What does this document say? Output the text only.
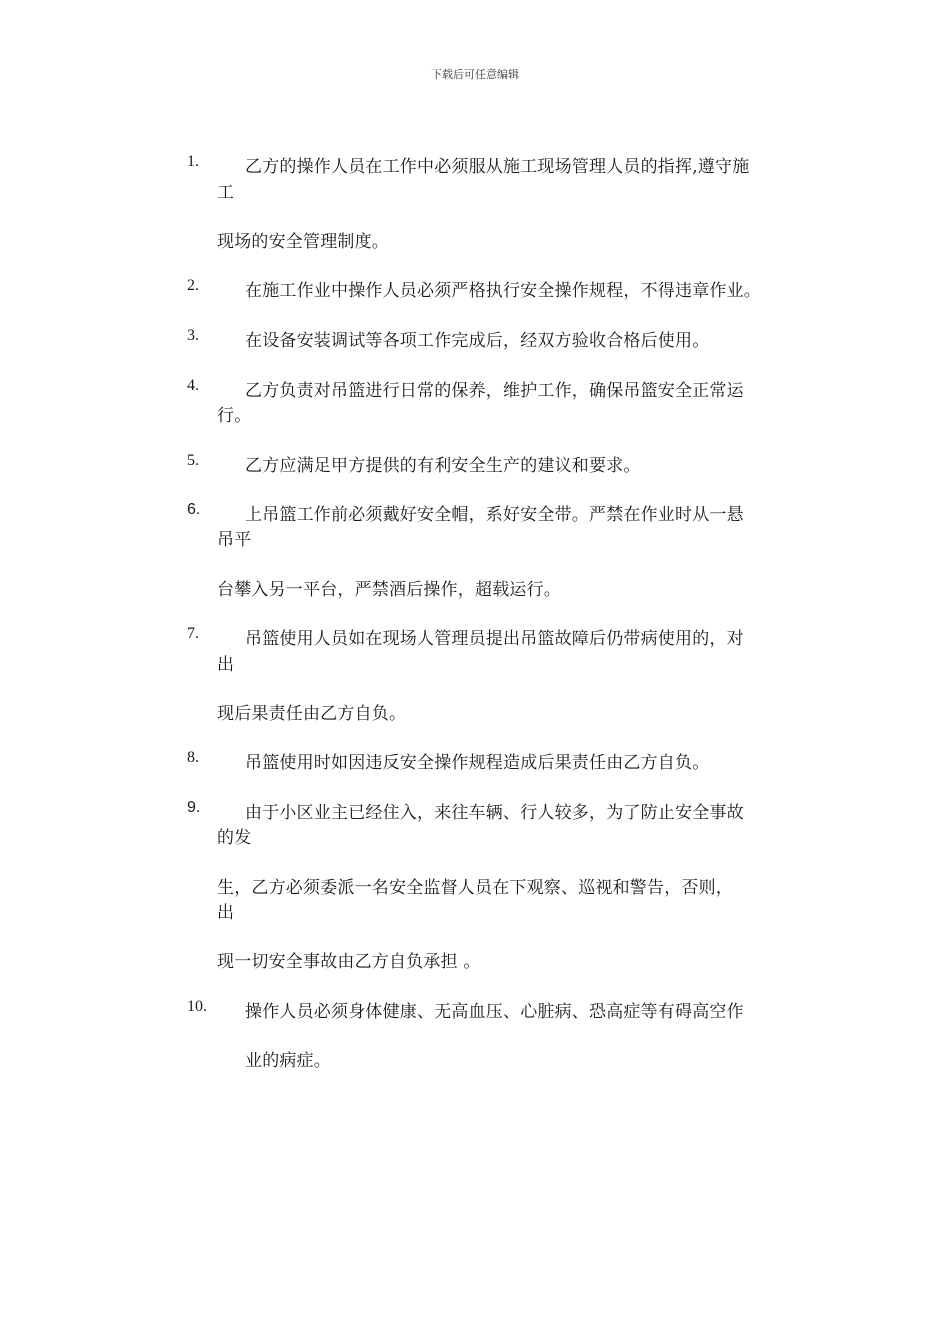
下载后可任意编辑
1.	乙方的操作人员在工作中必须服从施工现场管理人员的指挥,遵守施
工
现场的安全管理制度。
2.	在施工作业中操作人员必须严格执行安全操作规程，不得违章作业。
3.	在设备安装调试等各项工作完成后，经双方验收合格后使用。
4.	乙方负责对吊篮进行日常的保养，维护工作，确保吊篮安全正常运
行。
5.	乙方应满足甲方提供的有利安全生产的建议和要求。
6.	上吊篮工作前必须戴好安全帽，系好安全带。严禁在作业时从一悬
吊平
台攀入另一平台，严禁酒后操作，超载运行。
7.	吊篮使用人员如在现场人管理员提出吊篮故障后仍带病使用的，对
出
现后果责任由乙方自负。
8.	吊篮使用时如因违反安全操作规程造成后果责任由乙方自负。
9.	由于小区业主已经住入，来往车辆、行人较多，为了防止安全事故
的发
生，乙方必须委派一名安全监督人员在下观察、巡视和警告，否则，
出
现一切安全事故由乙方自负承担 。
10. 操作人员必须身体健康、无高血压、心脏病、恐高症等有碍高空作
业的病症。
